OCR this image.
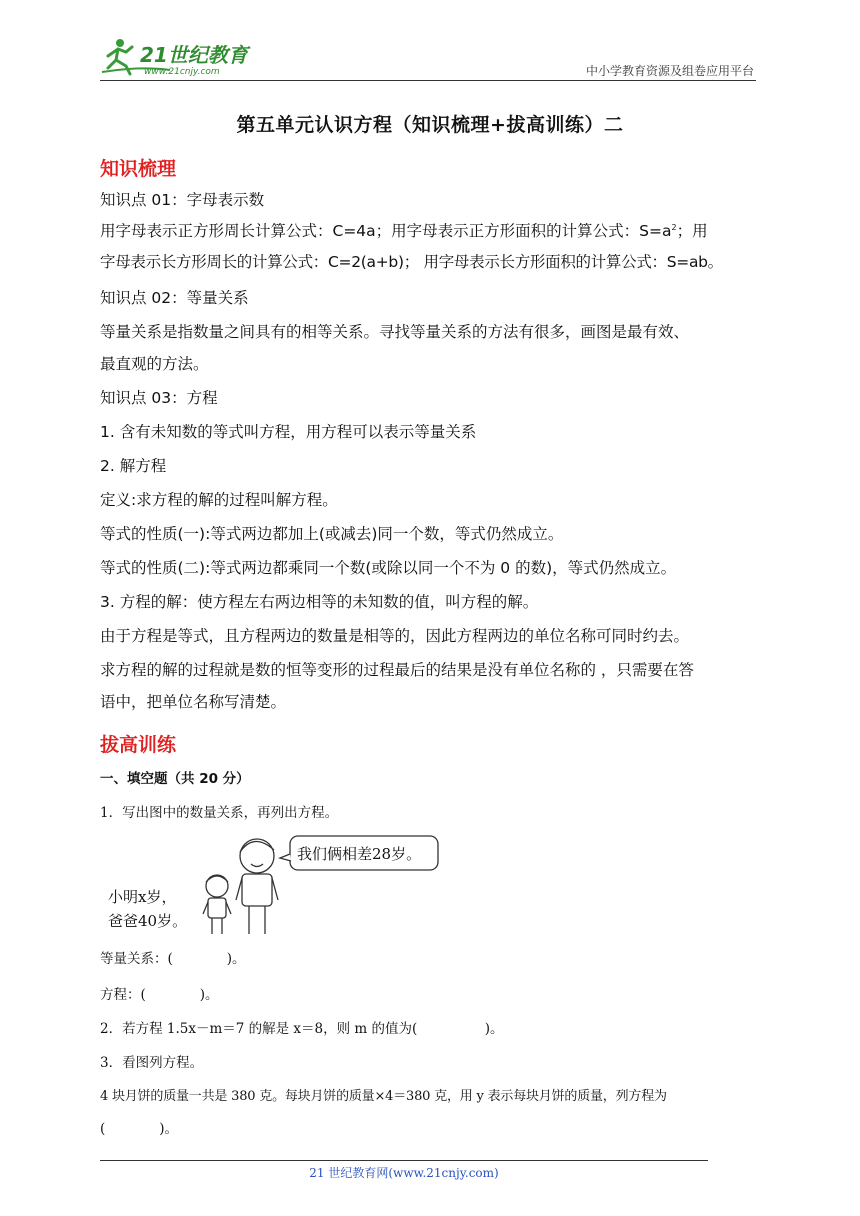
21世纪教育
www.21cnjy.com	中小学教育资源及组卷应用平台
第五单元认识方程（知识梳理+拔高训练）二
知识梳理
知识点 01：字母表示数
用字母表示正方形周长计算公式：C=4a；用字母表示正方形面积的计算公式：$S=a^2$；用
字母表示长方形周长的计算公式：C=2(a+b)； 用字母表示长方形面积的计算公式：S=ab。
知识点 02：等量关系
等量关系是指数量之间具有的相等关系。寻找等量关系的方法有很多，画图是最有效、
最直观的方法。
知识点 03：方程
1. 含有未知数的等式叫方程，用方程可以表示等量关系
2. 解方程
定义:求方程的解的过程叫解方程。
等式的性质(一):等式两边都加上(或减去)同一个数，等式仍然成立。
等式的性质(二):等式两边都乘同一个数(或除以同一个不为 0 的数)，等式仍然成立。
3. 方程的解：使方程左右两边相等的未知数的值，叫方程的解。
由于方程是等式，且方程两边的数量是相等的，因此方程两边的单位名称可同时约去。
求方程的解的过程就是数的恒等变形的过程最后的结果是没有单位名称的 ，只需要在答
语中，把单位名称写清楚。
拔高训练
一、填空题（共 20 分）
1．写出图中的数量关系，再列出方程。
小明x岁，
爸爸40岁。
我们俩相差28岁。
等量关系：(　　　　)。
方程：(　　　　)。
2．若方程 1.5x－m＝7 的解是 x＝8，则 m 的值为(　　　　　)。
3．看图列方程。
4 块月饼的质量一共是 380 克。每块月饼的质量×4＝380 克，用 y 表示每块月饼的质量，列方程为
(　　　　)。
21 世纪教育网(www.21cnjy.com)
